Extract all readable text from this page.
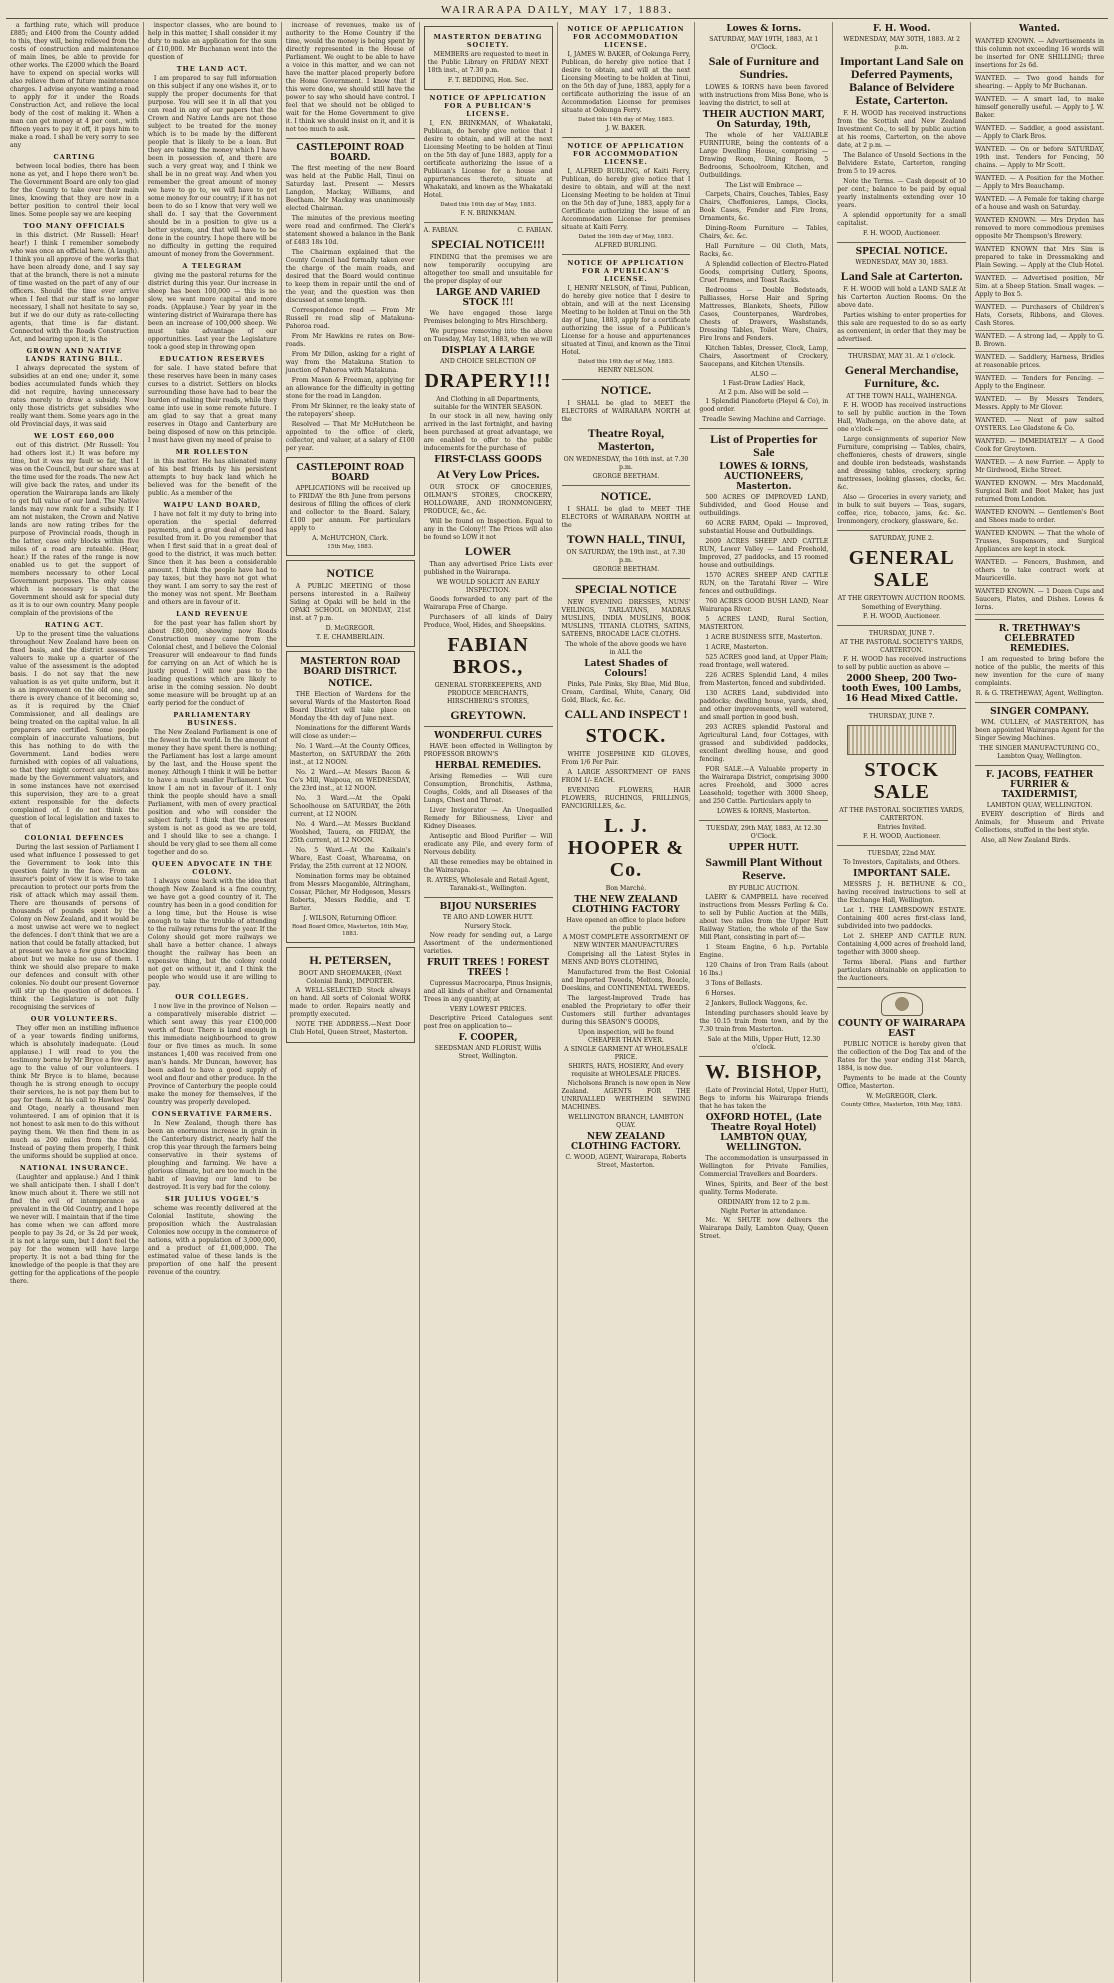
WAIRARAPA DAILY, MAY 17, 1883.

a farthing rate, which will produce £885; and £400 from the County added to this, they will, being relieved from the costs of construction and maintenance of main lines, be able to provide for other works. The £2000 which the Board have to expend on special works will also relieve them of future maintenance charges. I advise anyone wanting a road to apply for it under the Roads Construction Act, and relieve the local body of the cost of making it. When a man can get money at 4 per cent., with fifteen years to pay it off, it pays him to make a road. I shall be very sorry to see any

CARTING

between local bodies, there has been none as yet, and I hope there won't be. The Government Board are only too glad for the County to take over their main lines, knowing that they are now in a better position to control their local lines. Some people say we are keeping

TOO MANY OFFICIALS

in this district. (Mr Russell: Hear! hear!) I think I remember somebody who was once an official here. (A laugh). I think you all approve of the works that have been already done, and I say say that at the branch, there is not a minute of time wasted on the part of any of our officers. Should the time ever arrive when I feel that our staff is no longer necessary, I shall not hesitate to say so, but if we do our duty as rate-collecting agents, that time is far distant. Connected with the Roads Construction Act, and bearing upon it, is the

GROWN AND NATIVE LANDS RATING BILL.

I always deprecated the system of subsidies at an end one; under it, some bodies accumulated funds which they did not require, having unnecessary rates merely to draw a subsidy. Now only those districts get subsidies who really want them. Some years ago in the old Provincial days, it was said

WE LOST £60,000

out of this district. (Mr Russell: You had others lost it.) It was before my time, but it was my fault so far, that I was on the Council, but our share was at the time used for the roads. The new Act will give back the rates, and under its operation the Wairarapa lands are likely to get full value of our land. The Native lands may now rank for a subsidy. If I am not mistaken, the Crown and Native lands are now rating tribes for the purpose of Provincial roads, though in the latter, case only blocks within five miles of a road are rateable. (Hear, hear.) If the rates of the range is now enabled us to get the support of members necessary to other Local Government purposes. The only cause which is necessary is that the Government should ask for special duty as it is to our own country. Many people complain of the provisions of the

RATING ACT.

Up to the present time the valuations throughout New Zealand have been on fixed basis, and the district assessors' valuers to make up a quarter of the value of the assessment is the adopted basis. I do not say that the new valuation is as yet quite uniform, but it is an improvement on the old one, and there is every chance of it becoming so, as it is required by the Chief Commissioner, and all dealings are being treated on the capital value. In all preparers are certified. Some people complain of inaccurate valuations, but this has nothing to do with the Government. Land bodies were furnished with copies of all valuations, so that they might correct any mistakes made by the Government valuators, and in some instances have not exercised this supervision, they are to a great extent responsible for the defects complained of. I do not think the question of local legislation and taxes to that of

COLONIAL DEFENCES

During the last session of Parliament I used what influence I possessed to get the Government to look into this question fairly in the face. From an insurer's point of view it is wise to take precaution to protect our ports from the risk of attack which may assail them. There are thousands of persons of thousands of pounds spent by the Colony on New Zealand, and it would be a most unwise act were we to neglect the defences. I don't think that we are a nation that could be fatally attacked, but at present we have a few guns knocking about but we make no use of them. I think we should also prepare to make our defences and consult with other colonies. No doubt our present Governor will stir up the question of defences. I think the Legislature is not fully recognising the services of

OUR VOLUNTEERS.

They offer men an instilling influence of a year towards finding uniforms, which is absolutely inadequate. (Loud applause.) I will read to you the testimony borne by Mr Bryce a few days ago to the value of our volunteers. I think Mr Bryce is to blame, because though he is strong enough to occupy their services, he is not pay them but to pay for them. At his call to Hawkes' Bay and Otago, nearly a thousand men volunteered. I am of opinion that it is not honest to ask men to do this without paying them. We then find them in as much as 200 miles from the field. Instead of paying them properly, I think the uniforms should be supplied at once.

NATIONAL INSURANCE.

(Laughter and applause.) And I think we shall anticipate then. I shall I don't know much about it. There we still not find the evil of intemperance as prevalent in the Old Country, and I hope we never will. I maintain that if the time has come when we can afford more people to pay 3s 2d, or 3s 2d per week, it is not a large sum, but I don't feel the pay for the women will have large property. It is not a bad thing for the knowledge of the people is that they are getting for the applications of the people there.

inspector classes, who are bound to help in this matter, I shall consider it my duty to make an application for the sum of £10,000. Mr Buchanan went into the question of

THE LAND ACT.

I am prepared to say full information on this subject if any one wishes it, or to supply the proper documents for that purpose. You will see it in all that you can read in any of our papers that the Crown and Native Lands are not those subject to be treated for the money which is to be made by the different people that is likely to be a loan. But they are taking the money which I have been in possession of, and there are such a very great way, and I think we shall be in no great way. And when you remember the great amount of money we have to go to, we will have to get some money for our country; if it has not been to do so I know that very well we shall do. I say that the Government should be in a position to give us a better system, and that will have to be done in the country. I hope there will be no difficulty in getting the required amount of money from the Government.

A TELEGRAM

giving me the pastoral returns for the district during this year. Our increase in sheep has been 100,000 — this is no slow, we want more capital and more roads. (Applause.) Year by year in the wintering district of Wairarapa there has been an increase of 100,000 sheep. We must take advantage of our opportunities. Last year the Legislature took a good step in throwing open

EDUCATION RESERVES

for sale. I have stated before that these reserves have been in many cases curses to a district. Settlers on blocks surrounding those have had to bear the burden of making their roads, while they came into use in some remote future. I am glad to say that a great many reserves in Otago and Canterbury are being disposed of now on this principle. I must have given my meed of praise to

MR ROLLESTON

in this matter. He has alienated many of his best friends by his persistent attempts to buy back land which he believed was for the benefit of the public. As a member of the

WAIPU LAND BOARD,

I have not felt it my duty to bring into operation the special deferred payments, and a great deal of good has resulted from it. Do you remember that when I first said that in a great deal of good to the district, it was much better. Since then it has been a considerable amount. I think the people have had to pay taxes, but they have not got what they want. I am sorry to say the rest of the money was not spent. Mr Beetham and others are in favour of it.

LAND REVENUE

for the past year has fallen short by about £80,000, showing now Roads Construction money came from the Colonial chest, and I believe the Colonial Treasurer will endeavour to find funds for carrying on an Act of which he is justly proud. I will now pass to the leading questions which are likely to arise in the coming session. No doubt some measure will be brought up at an early period for the conduct of

PARLIAMENTARY BUSINESS.

The New Zealand Parliament is one of the fewest in the world. In the amount of money they have spent there is nothing; the Parliament has lost a large amount by the last, and the House spent the money. Although I think it will be better to have a much smaller Parliament. You know I am not in favour of it. I only think the people should have a small Parliament, with men of every practical position and who will consider the subject fairly. I think that the present system is not as good as we are told, and I should like to see a change. I should be very glad to see them all come together and do so.

QUEEN ADVOCATE IN THE COLONY.

I always come back with the idea that though New Zealand is a fine country, we have got a good country of it. The country has been in a good condition for a long time, but the House is wise enough to take the trouble of attending to the railway returns for the year. If the Colony should get more railways we shall have a better chance. I always thought the railway has been an expensive thing, but the colony could not get on without it, and I think the people who would use it are willing to pay.

OUR COLLEGES.

I now live in the province of Nelson — a comparatively miserable district — which sent away this year £100,000 worth of flour. There is land enough in this immediate neighbourhood to grow four or five times as much. In some instances 1,400 was received from one man's hands. Mr Duncan, however, has been asked to have a good supply of wool and flour and other produce. In the Province of Canterbury the people could make the money for themselves, if the country was properly developed.

CONSERVATIVE FARMERS.

In New Zealand, though there has been an enormous increase in grain in the Canterbury district, nearly half the crop this year through the farmers being conservative in their systems of ploughing and farming. We have a glorious climate, but are too much in the habit of leaving our land to be destroyed. It is very bad for the colony.

SIR JULIUS VOGEL'S

scheme was recently delivered at the Colonial Institute, showing the proposition which the Australasian Colonies now occupy in the commerce of nations, with a population of 3,000,000, and a product of £1,000,000. The estimated value of these lands is the proportion of one half the present revenue of the country.

increase of revenues, make us of authority to the Home Country if the time, would the money is being spent by directly represented in the House of Parliament. We ought to be able to have a voice in this matter, and we can not have the matter placed properly before the Home Government. I know that if this were done, we should still have the power to say who should have control. I feel that we should not be obliged to wait for the Home Government to give it. I think we should insist on it, and it is not too much to ask.

CASTLEPOINT ROAD BOARD.

The first meeting of the new Board was held at the Public Hall, Tinui on Saturday last. Present — Messrs Langdon, Mackay, Williams, and Beetham. Mr Mackay was unanimously elected Chairman.

The minutes of the previous meeting were read and confirmed. The Clerk's statement showed a balance in the Bank of £483 18s 10d.

The Chairman explained that the County Council had formally taken over the charge of the main roads, and desired that the Board would continue to keep them in repair until the end of the year, and the question was then discussed at some length.

Correspondence read — From Mr Russell re road slip of Matakuna-Pahoroa road.

From Mr Hawkins re rates on Bow-roads.

From Mr Dillon, asking for a right of way from the Matakuna Station to junction of Pahoroa with Matakuna.

From Mason & Freeman, applying for an allowance for the difficulty in getting stone for the road in Langdon.

From Mr Skinner, re the leaky state of the ratepayers' sheep.

Resolved — That Mr McHutcheon be appointed to the office of clerk, collector, and valuer, at a salary of £100 per year.

CASTLEPOINT ROAD BOARD

APPLICATIONS will be received up to FRIDAY the 8th June from persons desirous of filling the offices of clerk and collector to the Board. Salary, £100 per annum. For particulars apply to

A. McHUTCHON, Clerk.
15th May, 1883.
NOTICE

A PUBLIC MEETING of those persons interested in a Railway Siding at Opaki will be held in the OPAKI SCHOOL on MONDAY, 21st inst. at 7 p.m.

D. McGREGOR.
T. E. CHAMBERLAIN.
MASTERTON ROAD BOARD DISTRICT.
NOTICE.

THE Election of Wardens for the several Wards of the Masterton Road Board District will take place on Monday the 4th day of June next.

Nominations for the different Wards will close as under:—

No. 1 Ward.—At the County Offices, Masterton, on SATURDAY the 26th inst., at 12 NOON.

No. 2 Ward.—At Messrs Bacon & Co's Mill, Waipoua, on WEDNESDAY, the 23rd inst., at 12 NOON.

No. 3 Ward.—At the Opaki Schoolhouse on SATURDAY, the 26th current, at 12 NOON.

No. 4 Ward.—At Messrs Buckland Woolshed, Tauera, on FRIDAY, the 25th current, at 12 NOON.

No. 5 Ward.—At the Kaikain's Whare, East Coast, Whareama, on Friday, the 25th current at 12 NOON.

Nomination forms may be obtained from Messrs Macgamble, Altringham, Cossar, Pilcher, Mr Hodgeson, Messrs Roberts, Messrs Reddie, and T. Barter.

J. WILSON, Returning Officer.
Road Board Office, Masterton, 16th May, 1883.
H. PETERSEN,
BOOT AND SHOEMAKER, (Next Colonial Bank), IMPORTER.

A WELL-SELECTED Stock always on hand. All sorts of Colonial WORK made to order. Repairs neatly and promptly executed.

NOTE THE ADDRESS.—Next Door Club Hotel, Queen Street, Masterton.

MASTERTON DEBATING SOCIETY.

MEMBERS are requested to meet in the Public Library on FRIDAY NEXT 18th inst., at 7.30 p.m.

F. T. BEDDING, Hon. Sec.
NOTICE OF APPLICATION FOR A PUBLICAN'S LICENSE.

I, F.N. BRINKMAN, of Whakataki, Publican, do hereby give notice that I desire to obtain, and will at the next Licensing Meeting to be holden at Tinui on the 5th day of June 1883, apply for a certificate authorizing the issue of a Publican's License for a house and appurtenances thereto, situate at Whakataki, and known as the Whakataki Hotel.

Dated this 16th day of May, 1883.
F. N. BRINKMAN.
A. FABIAN.	C. FABIAN.
SPECIAL NOTICE!!!

FINDING that the premises we are now temporarily occupying are altogether too small and unsuitable for the proper display of our

LARGE AND VARIED STOCK !!!

We have engaged those large Premises belonging to Mrs Hirschberg.

We purpose removing into the above on Tuesday, May 1st, 1883, when we will

DISPLAY A LARGE
AND CHOICE SELECTION OF
DRAPERY!!!
And Clothing in all Departments, suitable for the WINTER SEASON.

In our stock in all new, having only arrived in the last fortnight, and having been purchased at great advantage, we are enabled to offer to the public inducements for the purchase of

FIRST-CLASS GOODS
At Very Low Prices.

OUR STOCK OF GROCERIES, OILMAN'S STORES, CROCKERY, HOLLOWARE, AND IRONMONGERY, PRODUCE, &c., &c.

Will be found on Inspection. Equal to any in the Colony!! The Prices will also be found so LOW it not

LOWER

Than any advertised Price Lists ever published in the Wairarapa.

WE WOULD SOLICIT AN EARLY INSPECTION.

Goods forwarded to any part of the Wairarapa Free of Charge.

Purchasers of all kinds of Dairy Produce, Wool, Hides, and Sheepskins.

FABIAN BROS.,
GENERAL STOREKEEPERS, AND PRODUCE MERCHANTS, HIRSCHBERG'S STORES,
GREYTOWN.
WONDERFUL CURES

HAVE been effected in Wellington by PROFESSOR BROWN'S

HERBAL REMEDIES.

Arising Remedies — Will cure Consumption, Bronchitis, Asthma, Coughs, Colds, and all Diseases of the Lungs, Chest and Throat.

Liver Invigorator — An Unequalled Remedy for Biliousness, Liver and Kidney Diseases.

Antiseptic and Blood Purifier — Will eradicate any Pile, and every form of Nervous debility.

All these remedies may be obtained in the Wairarapa.

R. AYRES, Wholesale and Retail Agent, Taranaki-st., Wellington.
BIJOU NURSERIES
TE ARO AND LOWER HUTT.
Nursery Stock.

Now ready for sending out, a Large Assortment of the undermentioned varieties.

FRUIT TREES ! FOREST TREES !

Cupressus Macrocarpa, Pinus Insignis, and all kinds of shelter and Ornamental Trees in any quantity, at

VERY LOWEST PRICES.

Descriptive Priced Catalogues sent post free on application to—

F. COOPER,
SEEDSMAN AND FLORIST, Willis Street, Wellington.
NOTICE OF APPLICATION FOR ACCOMMODATION LICENSE.

I, JAMES W. BAKER, of Ookunga Ferry, Publican, do hereby give notice that I desire to obtain, and will at the next Licensing Meeting to be holden at Tinui, on the 5th day of June, 1883, apply for a certificate authorizing the issue of an Accommodation License for premises situate at Ookunga Ferry.

Dated this 14th day of May, 1883.
J. W. BAKER.
NOTICE OF APPLICATION FOR ACCOMMODATION LICENSE.

I, ALFRED BURLING, of Kaiti Ferry, Publican, do hereby give notice that I desire to obtain, and will at the next Licensing Meeting to be holden at Tinui on the 5th day of June, 1883, apply for a Certificate authorizing the issue of an Accommodation License for premises situate at Kaiti Ferry.

Dated the 16th day of May, 1883.
ALFRED BURLING.
NOTICE OF APPLICATION FOR A PUBLICAN'S LICENSE.

I, HENRY NELSON, of Tinui, Publican, do hereby give notice that I desire to obtain, and will at the next Licensing Meeting to be holden at Tinui on the 5th day of June, 1883, apply for a certificate authorizing the issue of a Publican's License for a house and appurtenances situated at Tinui, and known as the Tinui Hotel.

Dated this 16th day of May, 1883.
HENRY NELSON.
NOTICE.

I SHALL be glad to MEET the ELECTORS of WAIRARAPA NORTH at the

Theatre Royal, Masterton,
ON WEDNESDAY, the 16th inst. at 7.30 p.m.
GEORGE BEETHAM.
NOTICE.

I SHALL be glad to MEET THE ELECTORS of WAIRARAPA NORTH at the

TOWN HALL, TINUI,
ON SATURDAY, the 19th inst., at 7.30 p.m.
GEORGE BEETHAM.
SPECIAL NOTICE

NEW EVENING DRESSES, NUNS' VEILINGS, TARLATANS, MADRAS MUSLINS, INDIA MUSLINS, BOOK MUSLINS, TITANIA CLOTHS, SATINS, SATEENS, BROCADE LACE CLOTHS.

The whole of the above goods we have in ALL the
Latest Shades of Colours!

Pinks, Pale Pinks, Sky Blue, Mid Blue, Cream, Cardinal, White, Canary, Old Gold, Black, &c. &c.

CALL AND INSPECT !
STOCK.

WHITE JOSEPHINE KID GLOVES, From 1/6 Per Pair.

A LARGE ASSORTMENT OF FANS FROM 1/- EACH.

EVENING FLOWERS, HAIR FLOWERS, RUCHINGS, FRILLINGS, FANCIGRILLES, &c.

L. J. HOOPER & Co.
Bon Marché.
THE NEW ZEALAND CLOTHING FACTORY
Have opened an office to place before the public
A MOST COMPLETE ASSORTMENT OF NEW WINTER MANUFACTURES

Comprising all the Latest Styles in MENS AND BOYS CLOTHING,

Manufactured from the Best Colonial and Imported Tweeds, Meltons, Boucle, Doeskins, and CONTINENTAL TWEEDS.

The largest-Improved Trade has enabled the Proprietary to offer their Customers still further advantages during this SEASON'S GOODS,

Upon inspection, will be found CHEAPER THAN EVER.
A SINGLE GARMENT AT WHOLESALE PRICE.
SHIRTS, HATS, HOSIERY, And every requisite at WHOLESALE PRICES.

Nicholsons Branch is now open in New Zealand. AGENTS FOR THE UNRIVALLED WERTHEIM SEWING MACHINES.

WELLINGTON BRANCH, LAMBTON QUAY.
NEW ZEALAND CLOTHING FACTORY.
C. WOOD, AGENT, Wairarapa, Roberts Street, Masterton.
Lowes & Iorns.
SATURDAY, MAY 19TH, 1883, At 1 O'Clock.
Sale of Furniture and Sundries.

LOWES & IORNS have been favored with instructions from Miss Bone, who is leaving the district, to sell at

THEIR AUCTION MART, On Saturday, 19th,

The whole of her VALUABLE FURNITURE, being the contents of a Large Dwelling House, comprising — Drawing Room, Dining Room, 5 Bedrooms, Schoolroom, Kitchen, and Outbuildings.

The List will Embrace —

Carpets, Chairs, Couches, Tables, Easy Chairs, Cheffonieres, Lamps, Clocks, Book Cases, Fender and Fire Irons, Ornaments, &c.

Dining-Room Furniture — Tables, Chairs, &c. &c.

Hall Furniture — Oil Cloth, Mats, Racks, &c.

A Splendid collection of Electro-Plated Goods, comprising Cutlery, Spoons, Cruet Frames, and Toast Racks.

Bedrooms — Double Bedsteads, Palliasses, Horse Hair and Spring Mattresses, Blankets, Sheets, Pillow Cases, Counterpanes, Wardrobes, Chests of Drawers, Washstands, Dressing Tables, Toilet Ware, Chairs, Fire Irons and Fenders.

Kitchen Tables, Dresser, Clock, Lamp, Chairs, Assortment of Crockery, Saucepans, and Kitchen Utensils.

ALSO —
1 Fast-Draw Ladies' Hack,
At 2 p.m. Also will be sold —

1 Splendid Pianoforte (Pleyel & Co), in good order.

Treadle Sewing Machine and Carriage.
List of Properties for Sale
LOWES & IORNS, AUCTIONEERS, Masterton.

500 ACRES OF IMPROVED LAND, Subdivided, and Good House and outbuildings.

60 ACRE FARM, Opaki — Improved, substantial House and Outbuildings.

2609 ACRES SHEEP AND CATTLE RUN, Lower Valley — Land Freehold, Improved, 27 paddocks, and 15 roomed house and outbuildings.

1570 ACRES SHEEP AND CATTLE RUN, on the Taratahi River — Wire fences and outbuildings.

760 ACRES GOOD BUSH LAND, Near Wairarapa River.

5 ACRES LAND, Rural Section, MASTERTON.

1 ACRE BUSINESS SITE, Masterton.

1 ACRE, Masterton.

525 ACRES good land, at Upper Plain; read frontage, well watered.

226 ACRES Splendid Land, 4 miles from Masterton, fenced and subdivided.

130 ACRES Land, subdivided into paddocks; dwelling house, yards, shed, and other improvements, well watered, and small portion in good bush.

293 ACRES splendid Pastoral and Agricultural Land, four Cottages, with grassed and subdivided paddocks, excellent dwelling house, and good fencing.

FOR SALE.—A Valuable property in the Wairarapa District, comprising 3000 acres Freehold, and 3000 acres Leasehold; together with 3000 Sheep, and 250 Cattle. Particulars apply to

LOWES & IORNS, Masterton.
TUESDAY, 29th MAY, 1883, At 12.30 O'Clock.
UPPER HUTT.
Sawmill Plant Without Reserve.
BY PUBLIC AUCTION.

LAERY & CAMPBELL have received instructions from Messrs Ferling & Co. to sell by Public Auction at the Mills, about two miles from the Upper Hutt Railway Station, the whole of the Saw Mill Plant, consisting in part of:—

1 Steam Engine, 6 h.p. Portable Engine.

120 Chains of Iron Tram Rails (about 16 lbs.)

3 Tons of Bellasts.

6 Horses.

2 Jankers, Bullock Waggons, &c.

Intending purchasers should leave by the 10.15 train from town, and by the 7.30 train from Masterton.

Sale at the Mills, Upper Hutt, 12.30 o'clock.
W. BISHOP,

(Late of Provincial Hotel, Upper Hutt), Begs to inform his Wairarapa friends that he has taken the

OXFORD HOTEL, (Late Theatre Royal Hotel) LAMBTON QUAY, WELLINGTON.

The accommodation is unsurpassed in Wellington for Private Families, Commercial Travellers and Boarders.

Wines, Spirits, and Beer of the best quality. Terms Moderate.

ORDINARY from 12 to 2 p.m.
Night Porter in attendance.

Mc. W. SHUTE now delivers the Wairarapa Daily, Lambton Quay, Queen Street.

F. H. Wood.
WEDNESDAY, MAY 30TH, 1883. At 2 p.m.
Important Land Sale on Deferred Payments, Balance of Belvidere Estate, Carterton.

F. H. WOOD has received instructions from the Scottish and New Zealand Investment Co., to sell by public auction at his rooms, Carterton, on the above date, at 2 p.m. —

The Balance of Unsold Sections in the Belvidere Estate, Carterton, ranging from 5 to 19 acres.

Note the Terms. — Cash deposit of 10 per cent.; balance to be paid by equal yearly instalments extending over 10 years.

A splendid opportunity for a small capitalist.

F. H. WOOD, Auctioneer.
SPECIAL NOTICE.
WEDNESDAY, MAY 30, 1883.
Land Sale at Carterton.

F. H. WOOD will hold a LAND SALE At his Carterton Auction Rooms. On the above date.

Parties wishing to enter properties for this sale are requested to do so as early as convenient, in order that they may be advertised.

THURSDAY, MAY 31. At 1 o'clock.
General Merchandise, Furniture, &c.
AT THE TOWN HALL, WAIHENGA.

F. H. WOOD has received instructions to sell by public auction in the Town Hall, Waihenga, on the above date, at one o'clock —

Large consignments of superior New Furniture, comprising — Tables, chairs, cheffonieres, chests of drawers, single and double iron bedsteads, washstands and dressing tables, crockery, spring mattresses, looking glasses, clocks, &c. &c.

Also — Groceries in every variety, and in bulk to suit buyers — Teas, sugars, coffee, rice, tobacco, jams, &c. &c. Ironmongery, crockery, glassware, &c.

SATURDAY, JUNE 2.
GENERAL SALE
AT THE GREYTOWN AUCTION ROOMS.
Something of Everything.
F. H. WOOD, Auctioneer.
THURSDAY, JUNE 7.
AT THE PASTORAL SOCIETY'S YARDS, CARTERTON.

F. H. WOOD has received instructions to sell by public auction as above —

2000 Sheep, 200 Two-tooth Ewes, 100 Lambs, 16 Head Mixed Cattle.
THURSDAY, JUNE 7.
STOCK SALE
AT THE PASTORAL SOCIETIES YARDS, CARTERTON.
Entries Invited.
F. H. WOOD, Auctioneer.
TUESDAY, 22nd MAY.
To Investors, Capitalists, and Others.
IMPORTANT SALE.

MESSRS J. H. BETHUNE & CO., having received instructions to sell at the Exchange Hall, Wellington.

Lot 1. THE LAMBSDOWN ESTATE. Containing 400 acres first-class land, subdivided into two paddocks.

Lot 2. SHEEP AND CATTLE RUN. Containing 4,000 acres of freehold land, together with 3000 sheep.

Terms liberal. Plans and further particulars obtainable on application to the Auctioneers.

COUNTY OF WAIRARAPA EAST

PUBLIC NOTICE is hereby given that the collection of the Dog Tax and of the Rates for the year ending 31st March, 1884, is now due.

Payments to be made at the County Office, Masterton.

W. McGREGOR, Clerk.
County Office, Masterton, 16th May, 1883.
Wanted.
WANTED KNOWN. — Advertisements in this column not exceeding 16 words will be inserted for ONE SHILLING; three insertions for 2s 6d.
WANTED. — Two good hands for shearing. — Apply to Mr Buchanan.
WANTED. — A smart lad, to make himself generally useful. — Apply to J. W. Baker.
WANTED. — Saddler, a good assistant. — Apply to Clark Bros.
WANTED. — On or before SATURDAY, 19th inst. Tenders for Fencing, 50 chains. — Apply to Mr Scott.
WANTED. — A Position for the Mother. — Apply to Mrs Beauchamp.
WANTED. — A Female for taking charge of a house and wash on Saturday.
WANTED KNOWN. — Mrs Dryden has removed to more commodious premises opposite Mr Thompson's Brewery.
WANTED KNOWN that Mrs Sim is prepared to take in Dressmaking and Plain Sewing. — Apply at the Club Hotel.
WANTED. — Advertised position, Mr Sim. at a Sheep Station. Small wages. — Apply to Box 5.
WANTED. — Purchasers of Children's Hats, Corsets, Ribbons, and Gloves. Cash Stores.
WANTED. — A strong lad, — Apply to G. B. Brown.
WANTED. — Saddlery, Harness, Bridles at reasonable prices.
WANTED. — Tenders for Fencing. — Apply to the Engineer.
WANTED. — By Messrs Tenders, Messrs. Apply to Mr Glover.
WANTED. — Next of paw salted OYSTERS. Lee Gladstone & Co.
WANTED. — IMMEDIATELY — A Good Cook for Greytown.
WANTED. — A new Farrier. — Apply to Mr Girdwood, Eiche Street.
WANTED KNOWN. — Mrs Macdonald, Surgical Belt and Boot Maker, has just returned from London.
WANTED KNOWN. — Gentlemen's Boot and Shoes made to order.
WANTED KNOWN. — That the whole of Trusses, Suspensors, and Surgical Appliances are kept in stock.
WANTED. — Fencers, Bushmen, and others to take contract work at Mauriceville.
WANTED KNOWN. — 1 Dozen Cups and Saucers, Plates, and Dishes. Lowes & Iorns.
R. TRETHWAY'S CELEBRATED REMEDIES.

I am requested to bring before the notice of the public, the merits of this new invention for the cure of many complaints.

R. & G. TRETHEWAY, Agent, Wellington.
SINGER COMPANY.

WM. CULLEN, of MASTERTON, has been appointed Wairarapa Agent for the Singer Sewing Machines.

THE SINGER MANUFACTURING CO., Lambton Quay, Wellington.
F. JACOBS, FEATHER FURRIER & TAXIDERMIST,
LAMBTON QUAY, WELLINGTON.

EVERY description of Birds and Animals, for Museum and Private Collections, stuffed in the best style.

Also, all New Zealand Birds.
